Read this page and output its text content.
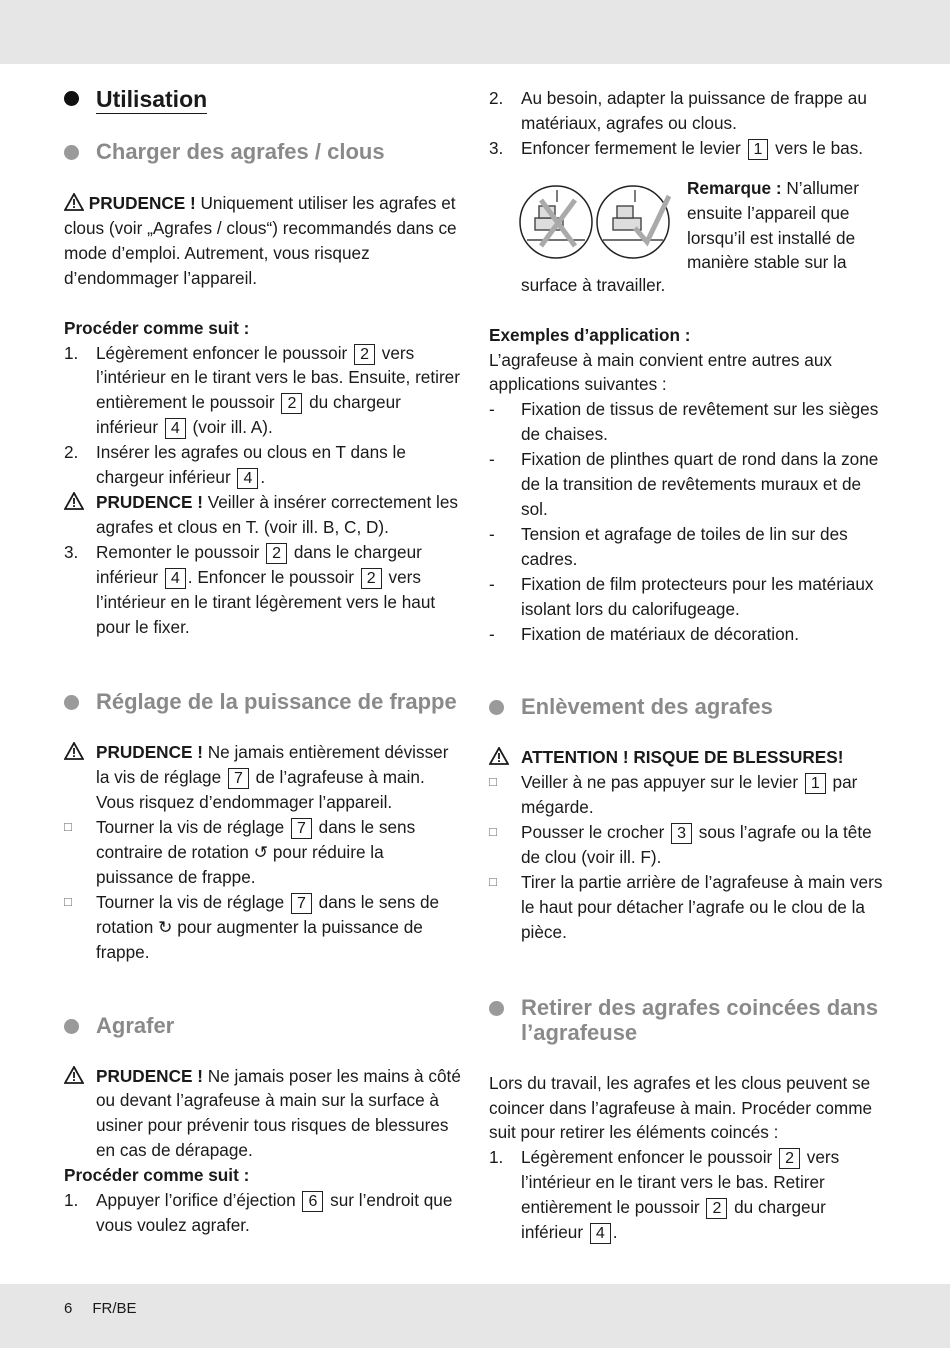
Utilisation
Charger des agrafes / clous

PRUDENCE ! Uniquement utiliser les agrafes et clous (voir „Agrafes / clous“) recommandés dans ce mode d’emploi. Autrement, vous risquez d’endommager l’appareil.

Procéder comme suit :

1. Légèrement enfoncer le poussoir 2 vers l’intérieur en le tirant vers le bas. Ensuite, retirer entièrement le poussoir 2 du chargeur inférieur 4 (voir ill. A).
2. Insérer les agrafes ou clous en T dans le chargeur inférieur 4 .
PRUDENCE ! Veiller à insérer correctement les agrafes et clous en T. (voir ill. B, C, D).
3. Remonter le poussoir 2 dans le chargeur inférieur 4 . Enfoncer le poussoir 2 vers l’intérieur en le tirant légèrement vers le haut pour le fixer.
Réglage de la puissance de frappe
PRUDENCE ! Ne jamais entièrement dévisser la vis de réglage 7 de l’agrafeuse à main. Vous risquez d’endommager l’appareil.
□ Tourner la vis de réglage 7 dans le sens contraire de rotation ↺ pour réduire la puissance de frappe.
□ Tourner la vis de réglage 7 dans le sens de rotation ↻ pour augmenter la puissance de frappe.
Agrafer
PRUDENCE ! Ne jamais poser les mains à côté ou devant l’agrafeuse à main sur la surface à usiner pour prévenir tous risques de blessures en cas de dérapage.

Procéder comme suit :

1. Appuyer l’orifice d’éjection 6 sur l’endroit que vous voulez agrafer.
2. Au besoin, adapter la puissance de frappe au matériaux, agrafes ou clous.
3. Enfoncer fermement le levier 1 vers le bas.

Remarque : N’allumer ensuite l’appareil que lorsqu’il est installé de manière stable sur la

surface à travailler.

Exemples d’application :

L’agrafeuse à main convient entre autres aux applications suivantes :

- Fixation de tissus de revêtement sur les sièges de chaises.
- Fixation de plinthes quart de rond dans la zone de la transition de revêtements muraux et de sol.
- Tension et agrafage de toiles de lin sur des cadres.
- Fixation de film protecteurs pour les matériaux isolant lors du calorifugeage.
- Fixation de matériaux de décoration.
Enlèvement des agrafes
ATTENTION ! RISQUE DE BLESSURES!
□ Veiller à ne pas appuyer sur le levier 1 par mégarde.
□ Pousser le crocher 3 sous l’agrafe ou la tête de clou (voir ill. F).
□ Tirer la partie arrière de l’agrafeuse à main vers le haut pour détacher l’agrafe ou le clou de la pièce.
Retirer des agrafes coincées dans l’agrafeuse

Lors du travail, les agrafes et les clous peuvent se coincer dans l’agrafeuse à main. Procéder comme suit pour retirer les éléments coincés :

1. Légèrement enfoncer le poussoir 2 vers l’intérieur en le tirant vers le bas. Retirer entièrement le poussoir 2 du chargeur inférieur 4 .
6 FR/BE
